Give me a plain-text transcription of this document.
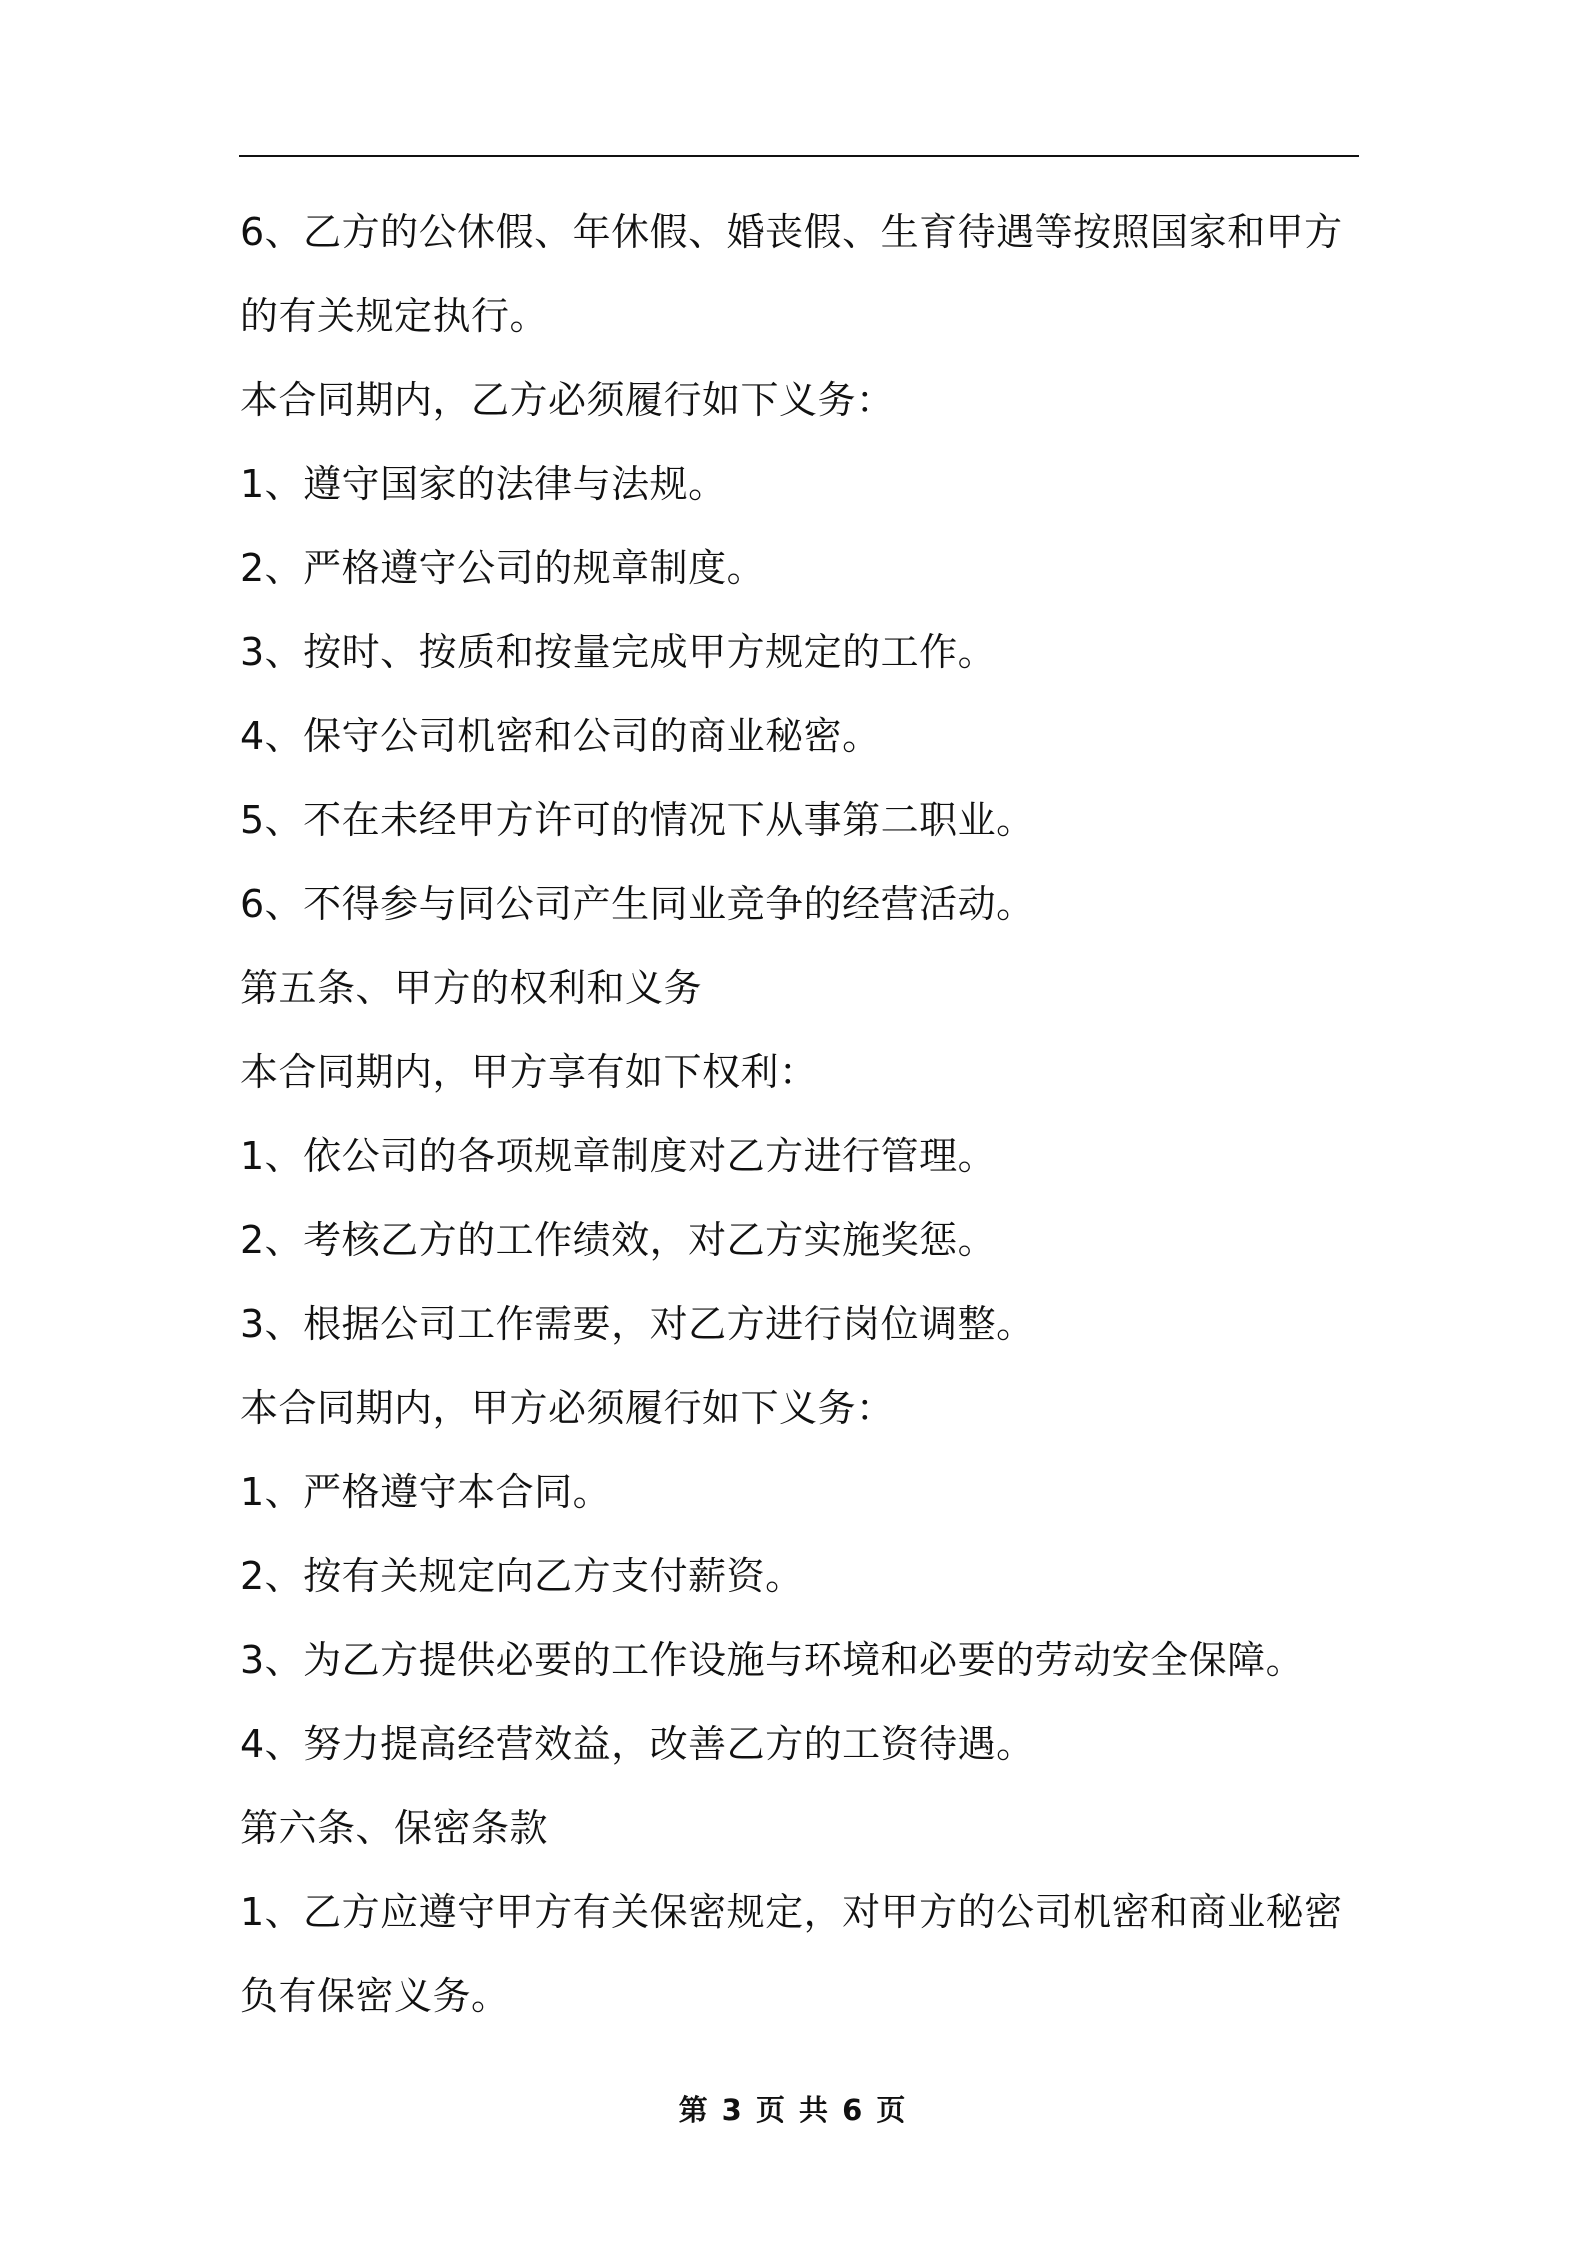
6、乙方的公休假、年休假、婚丧假、生育待遇等按照国家和甲方的有关规定执行。

本合同期内，乙方必须履行如下义务：

1、遵守国家的法律与法规。

2、严格遵守公司的规章制度。

3、按时、按质和按量完成甲方规定的工作。

4、保守公司机密和公司的商业秘密。

5、不在未经甲方许可的情况下从事第二职业。

6、不得参与同公司产生同业竞争的经营活动。

第五条、甲方的权利和义务

本合同期内，甲方享有如下权利：

1、依公司的各项规章制度对乙方进行管理。

2、考核乙方的工作绩效，对乙方实施奖惩。

3、根据公司工作需要，对乙方进行岗位调整。

本合同期内，甲方必须履行如下义务：

1、严格遵守本合同。

2、按有关规定向乙方支付薪资。

3、为乙方提供必要的工作设施与环境和必要的劳动安全保障。

4、努力提高经营效益，改善乙方的工资待遇。

第六条、保密条款

1、乙方应遵守甲方有关保密规定，对甲方的公司机密和商业秘密负有保密义务。

第 3 页 共 6 页
